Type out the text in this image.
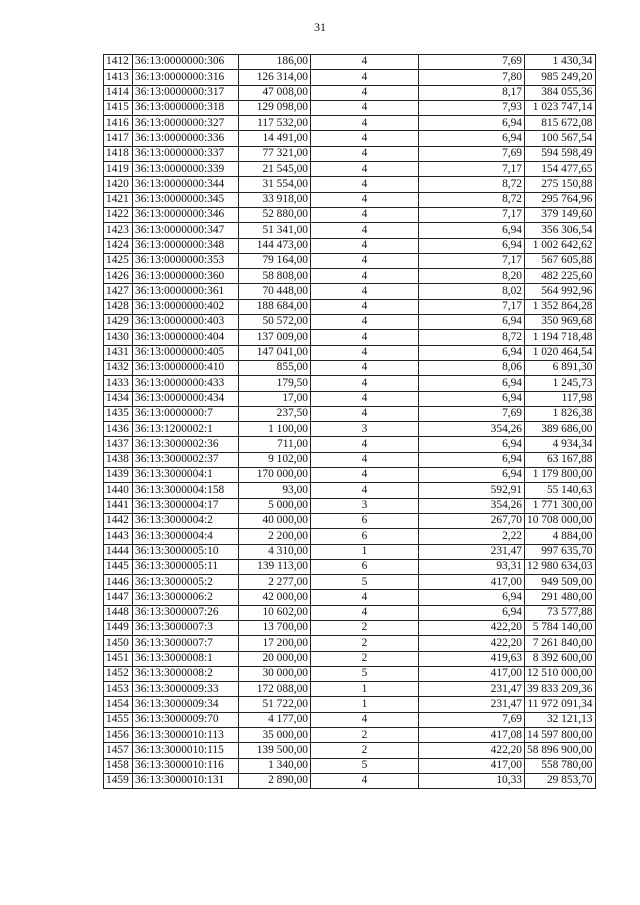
31
1412	36:13:0000000:306	186,00	4	7,69	1 430,34
1413	36:13:0000000:316	126 314,00	4	7,80	985 249,20
1414	36:13:0000000:317	47 008,00	4	8,17	384 055,36
1415	36:13:0000000:318	129 098,00	4	7,93	1 023 747,14
1416	36:13:0000000:327	117 532,00	4	6,94	815 672,08
1417	36:13:0000000:336	14 491,00	4	6,94	100 567,54
1418	36:13:0000000:337	77 321,00	4	7,69	594 598,49
1419	36:13:0000000:339	21 545,00	4	7,17	154 477,65
1420	36:13:0000000:344	31 554,00	4	8,72	275 150,88
1421	36:13:0000000:345	33 918,00	4	8,72	295 764,96
1422	36:13:0000000:346	52 880,00	4	7,17	379 149,60
1423	36:13:0000000:347	51 341,00	4	6,94	356 306,54
1424	36:13:0000000:348	144 473,00	4	6,94	1 002 642,62
1425	36:13:0000000:353	79 164,00	4	7,17	567 605,88
1426	36:13:0000000:360	58 808,00	4	8,20	482 225,60
1427	36:13:0000000:361	70 448,00	4	8,02	564 992,96
1428	36:13:0000000:402	188 684,00	4	7,17	1 352 864,28
1429	36:13:0000000:403	50 572,00	4	6,94	350 969,68
1430	36:13:0000000:404	137 009,00	4	8,72	1 194 718,48
1431	36:13:0000000:405	147 041,00	4	6,94	1 020 464,54
1432	36:13:0000000:410	855,00	4	8,06	6 891,30
1433	36:13:0000000:433	179,50	4	6,94	1 245,73
1434	36:13:0000000:434	17,00	4	6,94	117,98
1435	36:13:0000000:7	237,50	4	7,69	1 826,38
1436	36:13:1200002:1	1 100,00	3	354,26	389 686,00
1437	36:13:3000002:36	711,00	4	6,94	4 934,34
1438	36:13:3000002:37	9 102,00	4	6,94	63 167,88
1439	36:13:3000004:1	170 000,00	4	6,94	1 179 800,00
1440	36:13:3000004:158	93,00	4	592,91	55 140,63
1441	36:13:3000004:17	5 000,00	3	354,26	1 771 300,00
1442	36:13:3000004:2	40 000,00	6	267,70	10 708 000,00
1443	36:13:3000004:4	2 200,00	6	2,22	4 884,00
1444	36:13:3000005:10	4 310,00	1	231,47	997 635,70
1445	36:13:3000005:11	139 113,00	6	93,31	12 980 634,03
1446	36:13:3000005:2	2 277,00	5	417,00	949 509,00
1447	36:13:3000006:2	42 000,00	4	6,94	291 480,00
1448	36:13:3000007:26	10 602,00	4	6,94	73 577,88
1449	36:13:3000007:3	13 700,00	2	422,20	5 784 140,00
1450	36:13:3000007:7	17 200,00	2	422,20	7 261 840,00
1451	36:13:3000008:1	20 000,00	2	419,63	8 392 600,00
1452	36:13:3000008:2	30 000,00	5	417,00	12 510 000,00
1453	36:13:3000009:33	172 088,00	1	231,47	39 833 209,36
1454	36:13:3000009:34	51 722,00	1	231,47	11 972 091,34
1455	36:13:3000009:70	4 177,00	4	7,69	32 121,13
1456	36:13:3000010:113	35 000,00	2	417,08	14 597 800,00
1457	36:13:3000010:115	139 500,00	2	422,20	58 896 900,00
1458	36:13:3000010:116	1 340,00	5	417,00	558 780,00
1459	36:13:3000010:131	2 890,00	4	10,33	29 853,70
